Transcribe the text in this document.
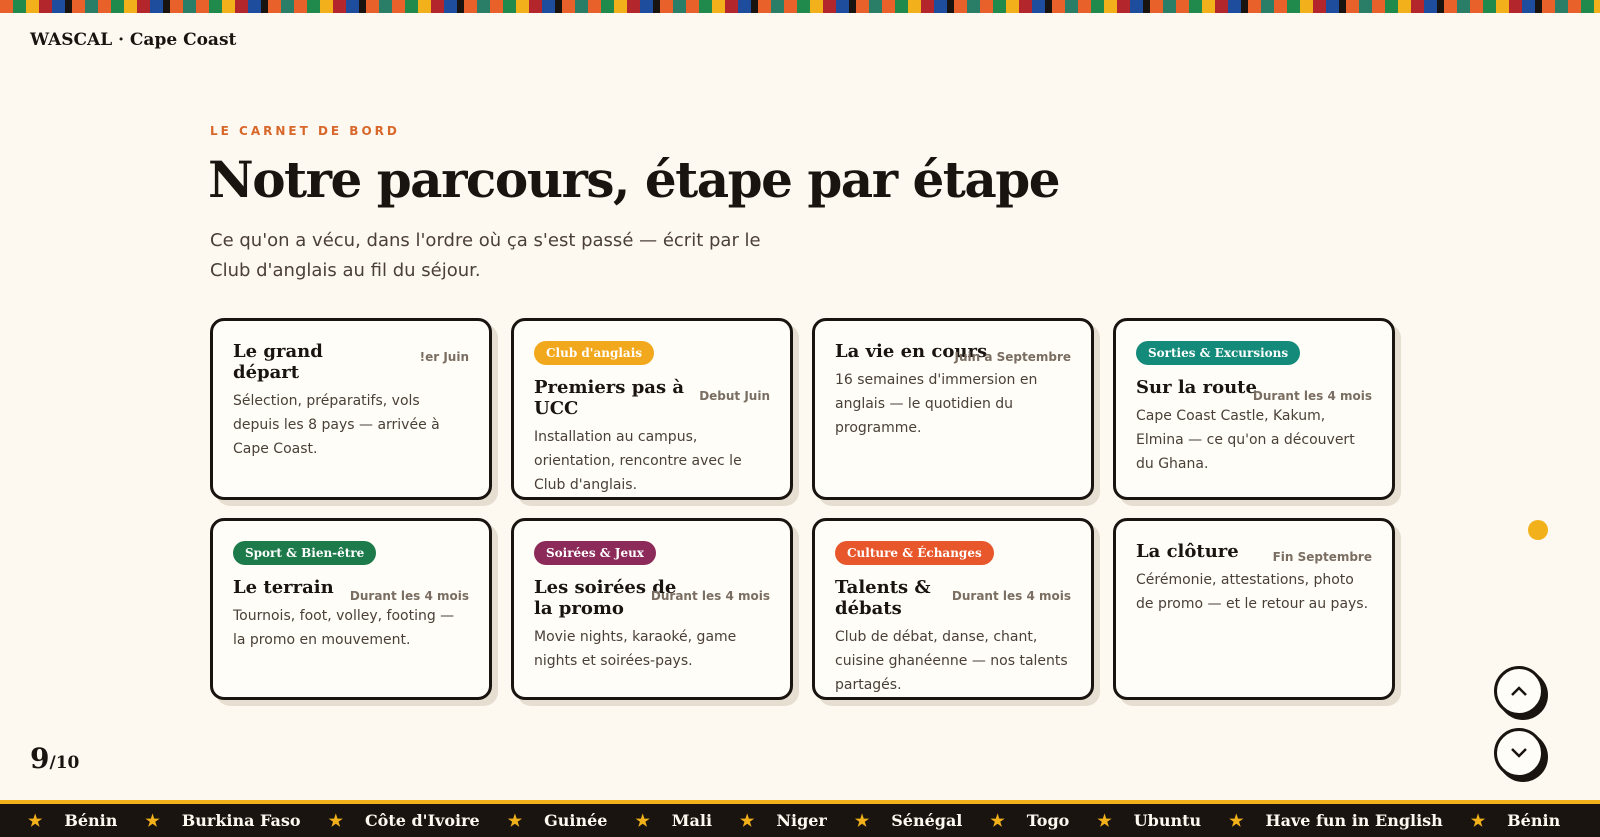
WASCAL · Cape Coast
LE CARNET DE BORD
Notre parcours, étape par étape

Ce qu'on a vécu, dans l'ordre où ça s'est passé — écrit par le Club d'anglais au fil du séjour.

!er Juin
Le grand départ

Sélection, préparatifs, vols depuis les 8 pays — arrivée à Cape Coast.

Club d'anglais
Debut Juin
Premiers pas à UCC

Installation au campus, orientation, rencontre avec le Club d'anglais.

Juin a Septembre
La vie en cours

16 semaines d'immersion en anglais — le quotidien du programme.

Sorties & Excursions
Durant les 4 mois
Sur la route

Cape Coast Castle, Kakum, Elmina — ce qu'on a découvert du Ghana.

Sport & Bien-être
Durant les 4 mois
Le terrain

Tournois, foot, volley, footing — la promo en mouvement.

Soirées & Jeux
Durant les 4 mois
Les soirées de la promo

Movie nights, karaoké, game nights et soirées-pays.

Culture & Échanges
Durant les 4 mois
Talents & débats

Club de débat, danse, chant, cuisine ghanéenne — nos talents partagés.

Fin Septembre
La clôture

Cérémonie, attestations, photo de promo — et le retour au pays.

9/10
★ Bénin ★ Burkina Faso ★ Côte d'Ivoire ★ Guinée ★ Mali ★ Niger ★ Sénégal ★ Togo ★ Ubuntu ★ Have fun in English ★ Bénin
